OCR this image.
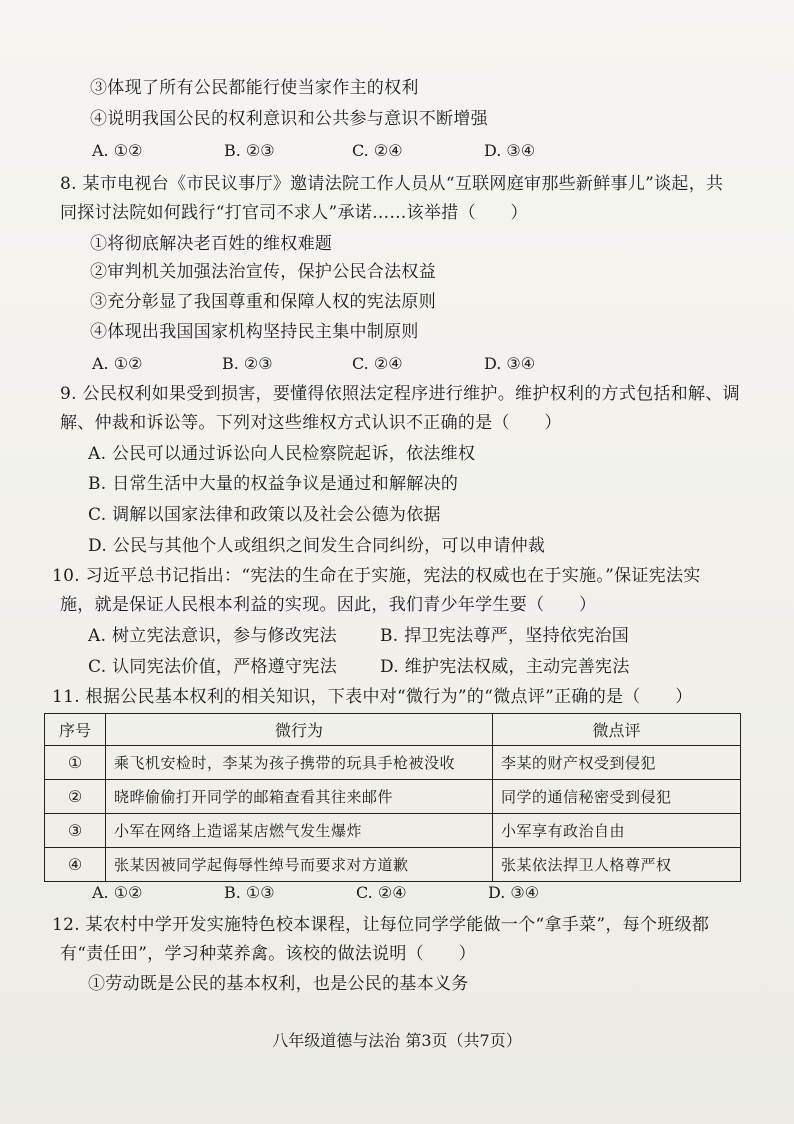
③体现了所有公民都能行使当家作主的权利
④说明我国公民的权利意识和公共参与意识不断增强
A. ①②	B. ②③	C. ②④	D. ③④
8. 某市电视台《市民议事厅》邀请法院工作人员从“互联网庭审那些新鲜事儿”谈起，共
同探讨法院如何践行“打官司不求人”承诺……该举措（　　）
①将彻底解决老百姓的维权难题
②审判机关加强法治宣传，保护公民合法权益
③充分彰显了我国尊重和保障人权的宪法原则
④体现出我国国家机构坚持民主集中制原则
A. ①②	B. ②③	C. ②④	D. ③④
9. 公民权利如果受到损害，要懂得依照法定程序进行维护。维护权利的方式包括和解、调
解、仲裁和诉讼等。下列对这些维权方式认识不正确的是（　　）
A. 公民可以通过诉讼向人民检察院起诉，依法维权
B. 日常生活中大量的权益争议是通过和解解决的
C. 调解以国家法律和政策以及社会公德为依据
D. 公民与其他个人或组织之间发生合同纠纷，可以申请仲裁
10. 习近平总书记指出：“宪法的生命在于实施，宪法的权威也在于实施。”保证宪法实
施，就是保证人民根本利益的实现。因此，我们青少年学生要（　　）
A. 树立宪法意识，参与修改宪法	B. 捍卫宪法尊严，坚持依宪治国
C. 认同宪法价值，严格遵守宪法	D. 维护宪法权威，主动完善宪法
11. 根据公民基本权利的相关知识，下表中对“微行为”的“微点评”正确的是（　　）
序号	微行为	微点评
①	乘飞机安检时，李某为孩子携带的玩具手枪被没收	李某的财产权受到侵犯
②	晓晔偷偷打开同学的邮箱查看其往来邮件	同学的通信秘密受到侵犯
③	小军在网络上造谣某店燃气发生爆炸	小军享有政治自由
④	张某因被同学起侮辱性绰号而要求对方道歉	张某依法捍卫人格尊严权
A. ①②	B. ①③	C. ②④	D. ③④
12. 某农村中学开发实施特色校本课程，让每位同学学能做一个“拿手菜”，每个班级都
有“责任田”，学习种菜养禽。该校的做法说明（　　）
①劳动既是公民的基本权利，也是公民的基本义务
八年级道德与法治 第3页（共7页）
